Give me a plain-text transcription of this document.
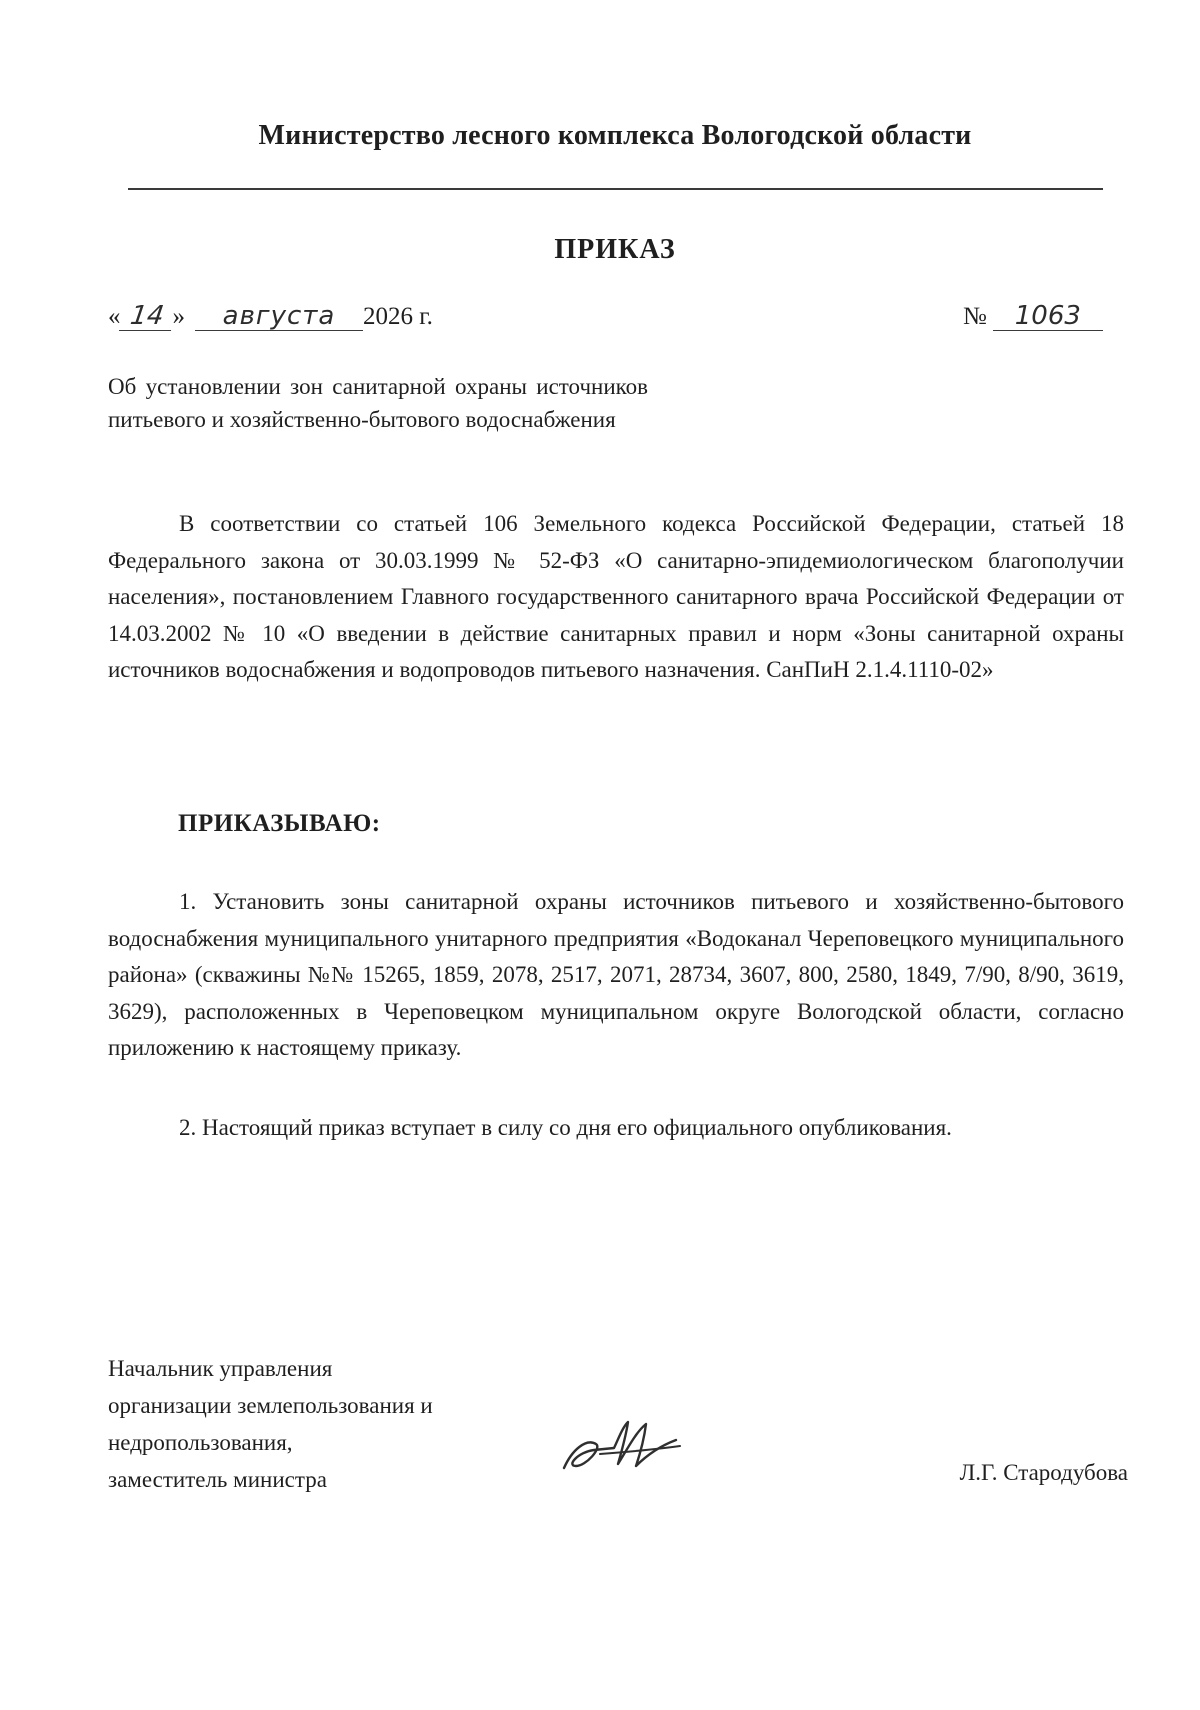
Министерство лесного комплекса Вологодской области
ПРИКАЗ
« 14 » августа 2026 г.	№ 1063
Об установлении зон санитарной охраны источников питьевого и хозяйственно-бытового водоснабжения
В соответствии со статьей 106 Земельного кодекса Российской Федерации, статьей 18 Федерального закона от 30.03.1999 № 52-ФЗ «О санитарно-эпидемиологическом благополучии населения», постановлением Главного государственного санитарного врача Российской Федерации от 14.03.2002 № 10 «О введении в действие санитарных правил и норм «Зоны санитарной охраны источников водоснабжения и водопроводов питьевого назначения. СанПиН 2.1.4.1110-02»
ПРИКАЗЫВАЮ:
1. Установить зоны санитарной охраны источников питьевого и хозяйственно-бытового водоснабжения муниципального унитарного предприятия «Водоканал Череповецкого муниципального района» (скважины №№ 15265, 1859, 2078, 2517, 2071, 28734, 3607, 800, 2580, 1849, 7/90, 8/90, 3619, 3629), расположенных в Череповецком муниципальном округе Вологодской области, согласно приложению к настоящему приказу.
2. Настоящий приказ вступает в силу со дня его официального опубликования.
Начальник управления
организации землепользования и
недропользования,
заместитель министра	Л.Г. Стародубова
